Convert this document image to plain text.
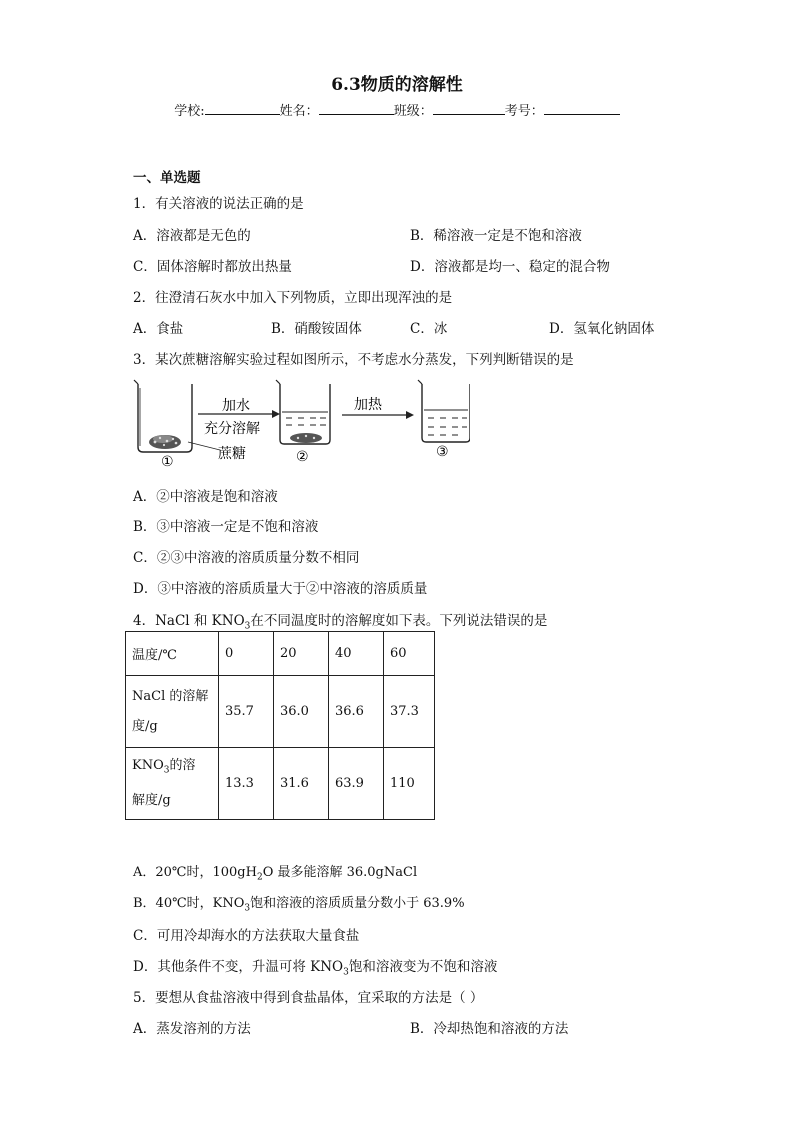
6.3物质的溶解性
学校:	姓名：	班级：	考号：
一、单选题
1．有关溶液的说法正确的是
A．溶液都是无色的	B．稀溶液一定是不饱和溶液
C．固体溶解时都放出热量	D．溶液都是均一、稳定的混合物
2．往澄清石灰水中加入下列物质，立即出现浑浊的是
A．食盐	B．硝酸铵固体	C．冰	D．氢氧化钠固体
3．某次蔗糖溶解实验过程如图所示，不考虑水分蒸发，下列判断错误的是
①
加水
充分溶解
蔗糖	②
加热
③
A．②中溶液是饱和溶液
B．③中溶液一定是不饱和溶液
C．②③中溶液的溶质质量分数不相同
D．③中溶液的溶质质量大于②中溶液的溶质质量
4．NaCl 和 $KNO_3$在不同温度时的溶解度如下表。下列说法错误的是
温度/℃	0	20	40	60
NaCl 的溶解
度/g	35.7	36.0	36.6	37.3
$KNO_3$的溶
解度/g	13.3	31.6	63.9	110
A．20℃时，$100gH_2O$ 最多能溶解 36.0gNaCl
B．40℃时，$KNO_3$饱和溶液的溶质质量分数小于 63.9%
C．可用冷却海水的方法获取大量食盐
D．其他条件不变，升温可将 $KNO_3$饱和溶液变为不饱和溶液
5．要想从食盐溶液中得到食盐晶体，宜采取的方法是（ ）
A．蒸发溶剂的方法	B．冷却热饱和溶液的方法
